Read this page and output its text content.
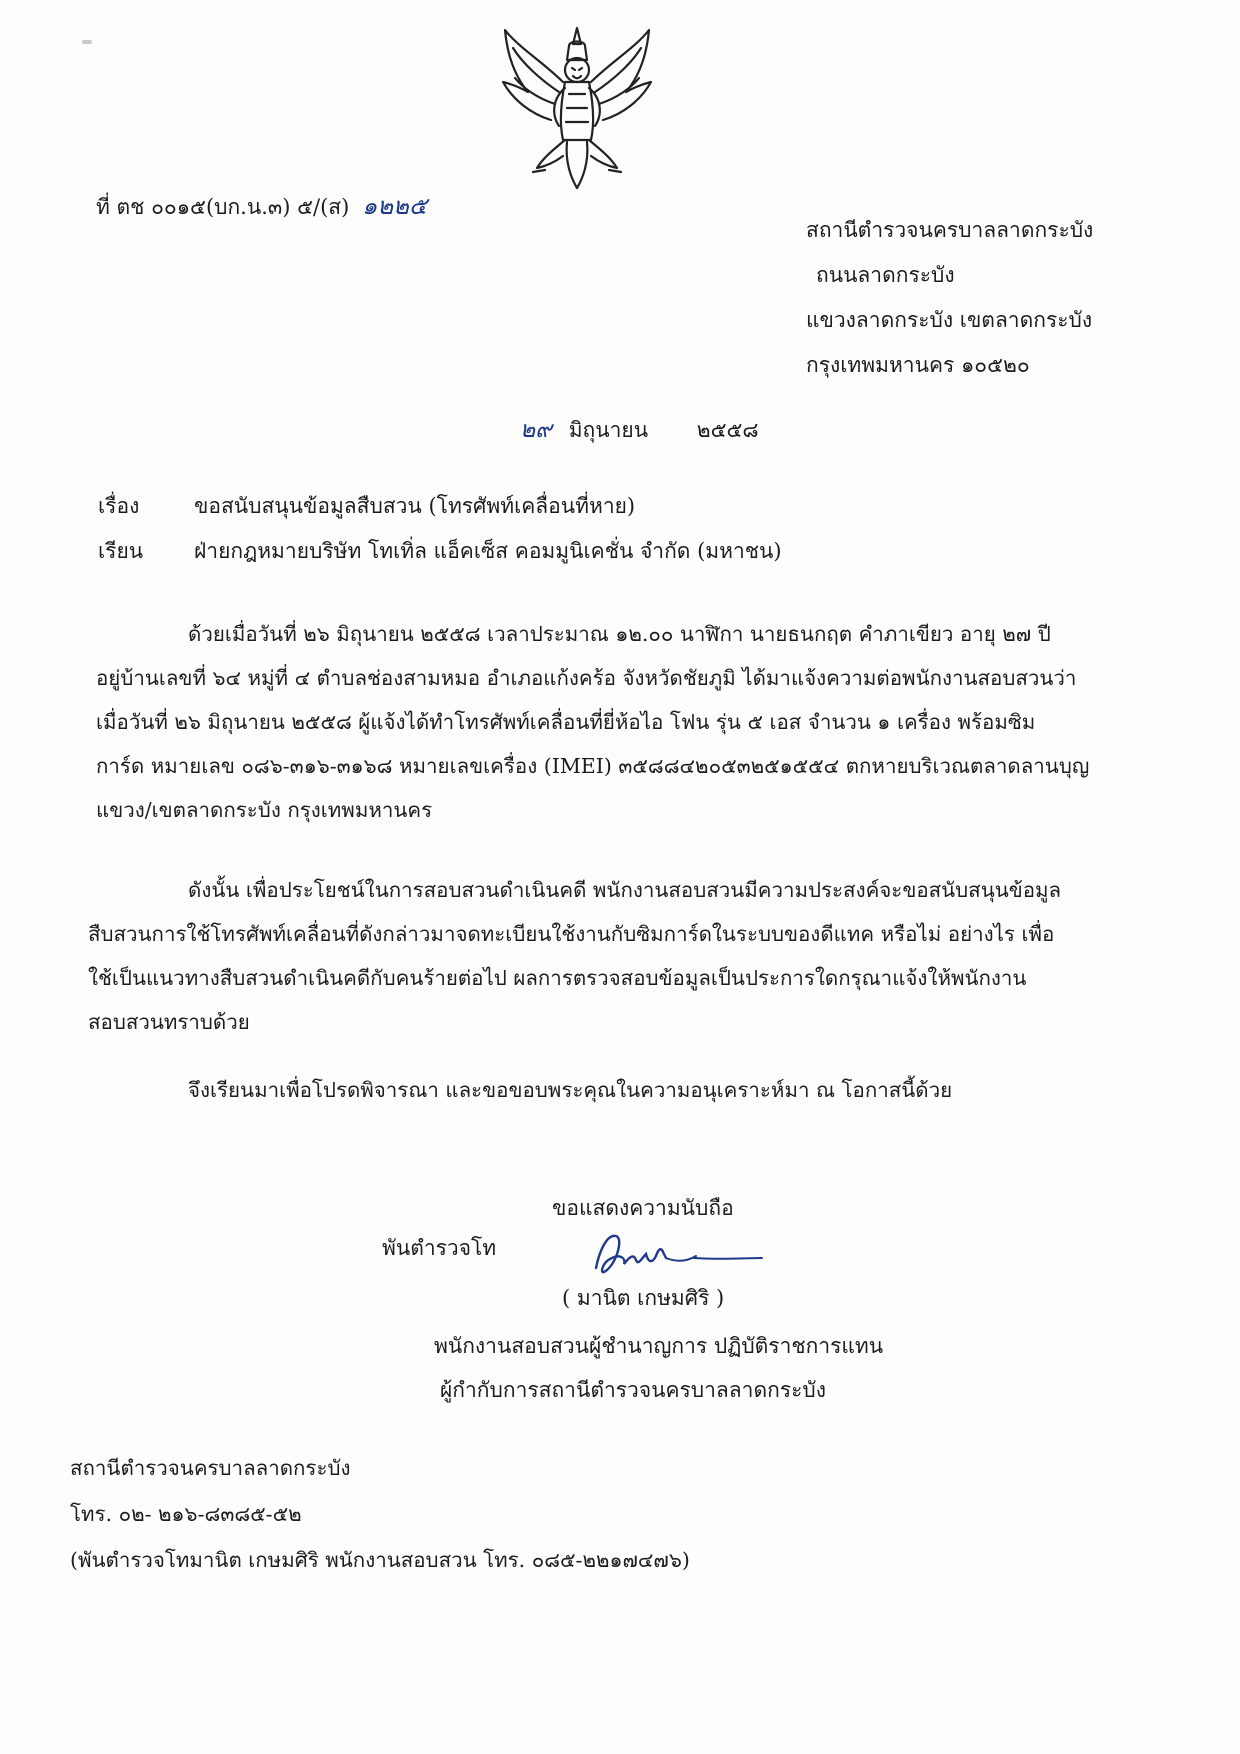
ที่ ตช ๐๐๑๕(บก.น.๓) ๕/(ส) ๑๒๒๕
สถานีตำรวจนครบาลลาดกระบัง
ถนนลาดกระบัง
แขวงลาดกระบัง เขตลาดกระบัง
กรุงเทพมหานคร ๑๐๕๒๐
๒๙ มิถุนายน ๒๕๕๘
เรื่อง	ขอสนับสนุนข้อมูลสืบสวน (โทรศัพท์เคลื่อนที่หาย)
เรียน ฝ่ายกฎหมายบริษัท โทเทิ่ล แอ็คเซ็ส คอมมูนิเคชั่น จำกัด (มหาชน)
ด้วยเมื่อวันที่ ๒๖ มิถุนายน ๒๕๕๘ เวลาประมาณ ๑๒.๐๐ นาฬิกา นายธนกฤต คำภาเขียว อายุ ๒๗ ปี
อยู่บ้านเลขที่ ๖๔ หมู่ที่ ๔ ตำบลช่องสามหมอ อำเภอแก้งคร้อ จังหวัดชัยภูมิ ได้มาแจ้งความต่อพนักงานสอบสวนว่า
เมื่อวันที่ ๒๖ มิถุนายน ๒๕๕๘ ผู้แจ้งได้ทำโทรศัพท์เคลื่อนที่ยี่ห้อไอ โฟน รุ่น ๕ เอส จำนวน ๑ เครื่อง พร้อมซิม
การ์ด หมายเลข ๐๘๖-๓๑๖-๓๑๖๘ หมายเลขเครื่อง (IMEI) ๓๕๘๘๔๒๐๕๓๒๕๑๕๕๔ ตกหายบริเวณตลาดลานบุญ
แขวง/เขตลาดกระบัง กรุงเทพมหานคร
ดังนั้น เพื่อประโยชน์ในการสอบสวนดำเนินคดี พนักงานสอบสวนมีความประสงค์จะขอสนับสนุนข้อมูล
สืบสวนการใช้โทรศัพท์เคลื่อนที่ดังกล่าวมาจดทะเบียนใช้งานกับซิมการ์ดในระบบของดีแทค หรือไม่ อย่างไร เพื่อ
ใช้เป็นแนวทางสืบสวนดำเนินคดีกับคนร้ายต่อไป ผลการตรวจสอบข้อมูลเป็นประการใดกรุณาแจ้งให้พนักงาน
สอบสวนทราบด้วย
จึงเรียนมาเพื่อโปรดพิจารณา และขอขอบพระคุณในความอนุเคราะห์มา ณ โอกาสนี้ด้วย
ขอแสดงความนับถือ
พันตำรวจโท
( มานิต เกษมศิริ )
พนักงานสอบสวนผู้ชำนาญการ ปฏิบัติราชการแทน
ผู้กำกับการสถานีตำรวจนครบาลลาดกระบัง
สถานีตำรวจนครบาลลาดกระบัง
โทร. ๐๒- ๒๑๖-๘๓๘๕-๕๒
(พันตำรวจโทมานิต เกษมศิริ พนักงานสอบสวน โทร. ๐๘๕-๒๒๑๗๔๗๖)
